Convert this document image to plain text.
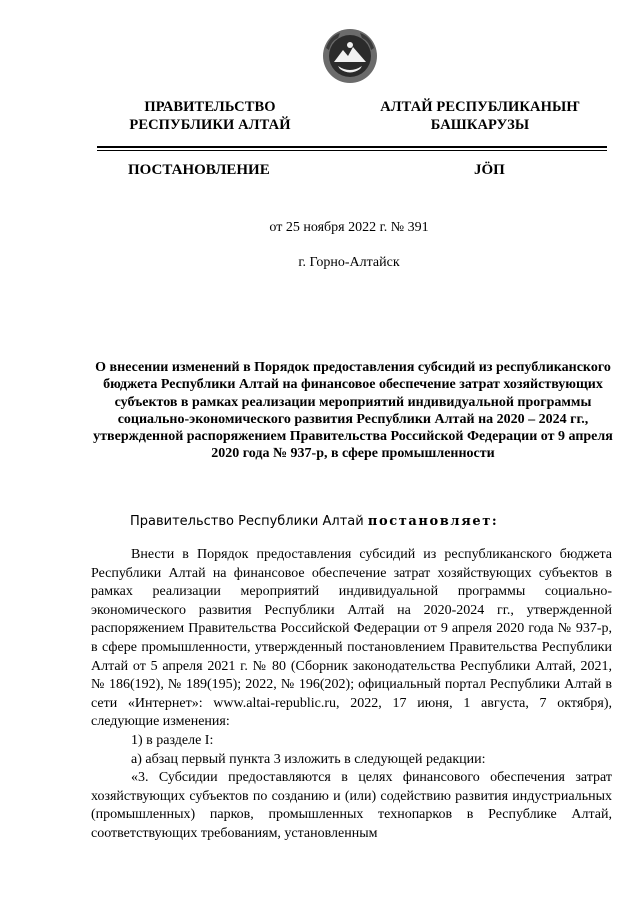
ПРАВИТЕЛЬСТВО
РЕСПУБЛИКИ АЛТАЙ
АЛТАЙ РЕСПУБЛИКАНЫҤ
БАШКАРУЗЫ
ПОСТАНОВЛЕНИЕ	JÖП
от 25 ноября 2022 г. № 391
г. Горно-Алтайск
О внесении изменений в Порядок предоставления субсидий из республиканского бюджета Республики Алтай на финансовое обеспечение затрат хозяйствующих субъектов в рамках реализации мероприятий индивидуальной программы социально-экономического развития Республики Алтай на 2020 – 2024 гг., утвержденной распоряжением Правительства Российской Федерации от 9 апреля 2020 года № 937-р, в сфере промышленности
Правительство Республики Алтай постановляет:

Внести в Порядок предоставления субсидий из республиканского бюджета Республики Алтай на финансовое обеспечение затрат хозяйствующих субъектов в рамках реализации мероприятий индивидуальной программы социально-экономического развития Республики Алтай на 2020-2024 гг., утвержденной распоряжением Правительства Российской Федерации от 9 апреля 2020 года № 937-р, в сфере промышленности, утвержденный постановлением Правительства Республики Алтай от 5 апреля 2021 г. № 80 (Сборник законодательства Республики Алтай, 2021, № 186(192), № 189(195); 2022, № 196(202); официальный портал Республики Алтай в сети «Интернет»: www.altai-republic.ru, 2022, 17 июня, 1 августа, 7 октября), следующие изменения:

1) в разделе I:

а) абзац первый пункта 3 изложить в следующей редакции:

«3. Субсидии предоставляются в целях финансового обеспечения затрат хозяйствующих субъектов по созданию и (или) содействию развития индустриальных (промышленных) парков, промышленных технопарков в Республике Алтай, соответствующих требованиям, установленным
